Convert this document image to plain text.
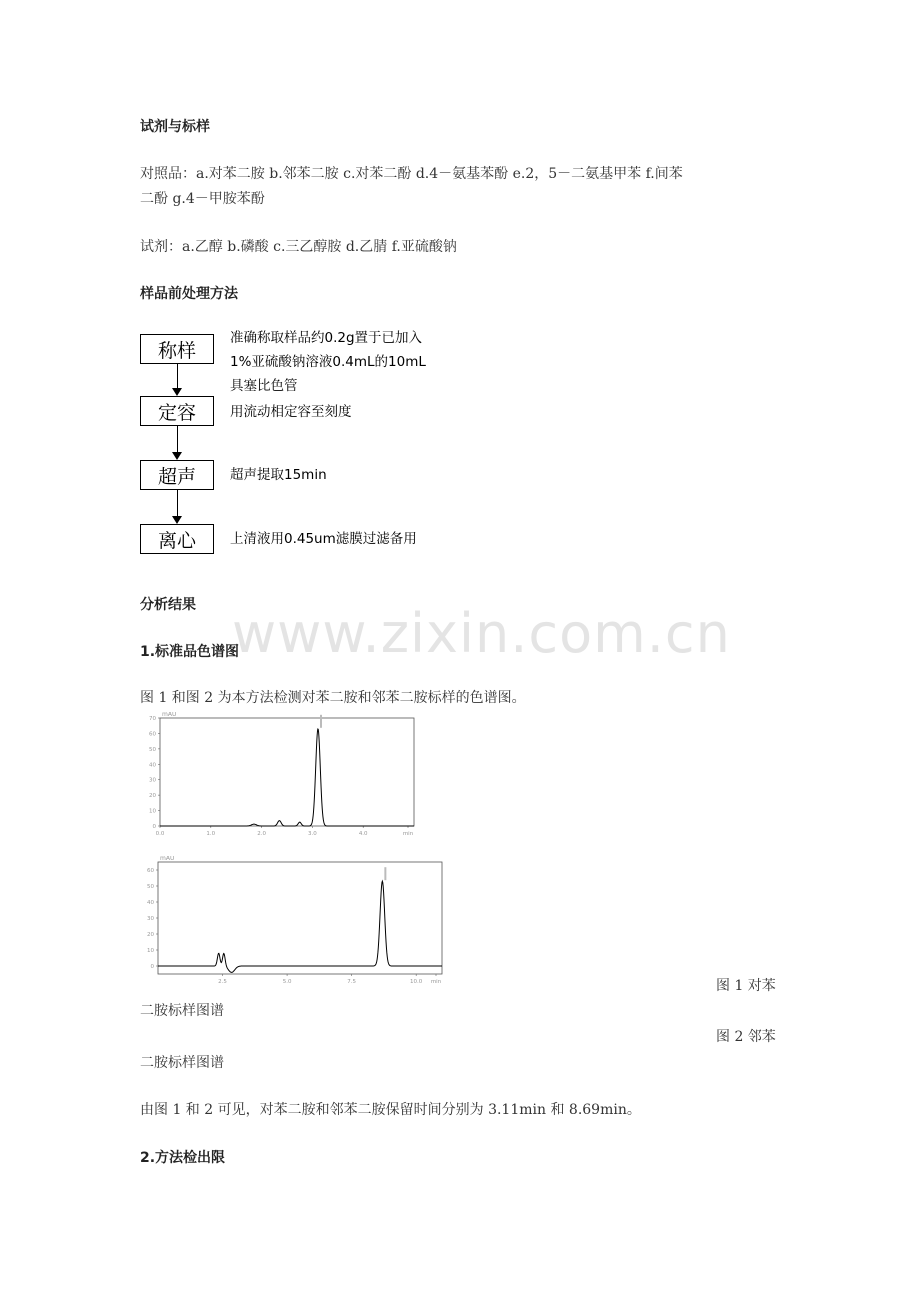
试剂与标样
对照品：a.对苯二胺 b.邻苯二胺 c.对苯二酚 d.4－氨基苯酚 e.2，5－二氨基甲苯 f.间苯
二酚 g.4－甲胺苯酚
试剂：a.乙醇 b.磷酸 c.三乙醇胺 d.乙腈 f.亚硫酸钠
样品前处理方法
称样
定容
超声
离心
准确称取样品约0.2g置于已加入
1%亚硫酸钠溶液0.4mL的10mL
具塞比色管
用流动相定容至刻度
超声提取15min
上清液用0.45um滤膜过滤备用
分析结果 www.zixin.com.cn
1.标准品色谱图
图 1 和图 2 为本方法检测对苯二胺和邻苯二胺标样的色谱图。
mAU
0
10
20
30
40
50
60
70
0.0	1.0	2.0	3.0	4.0	min
mAU
0
10
20
30
40
50
60
2.5	5.0	7.5	10.0 min	图 1 对苯
二胺标样图谱
图 2 邻苯
二胺标样图谱
由图 1 和 2 可见，对苯二胺和邻苯二胺保留时间分别为 3.11min 和 8.69min。
2.方法检出限
